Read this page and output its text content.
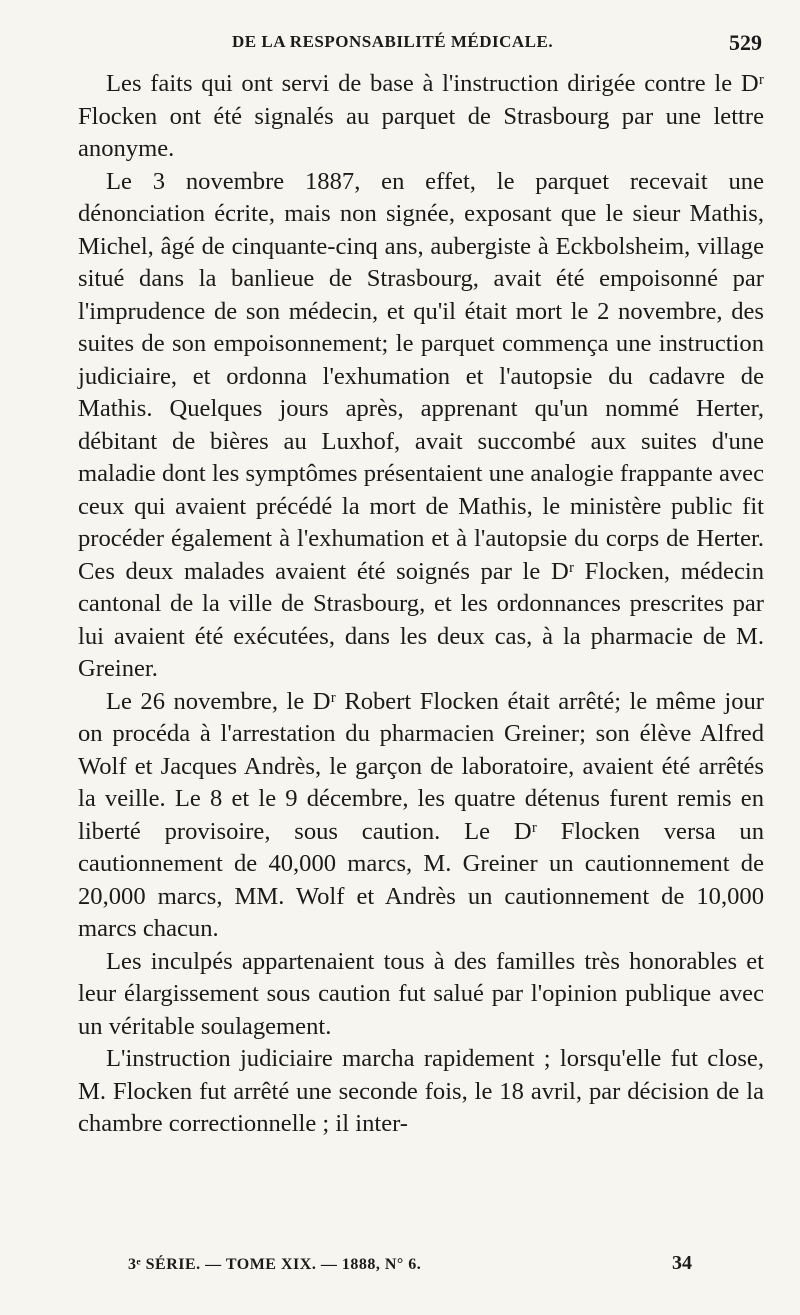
DE LA RESPONSABILITÉ MÉDICALE.	529

Les faits qui ont servi de base à l'instruction dirigée contre le Dʳ Flocken ont été signalés au parquet de Strasbourg par une lettre anonyme.

Le 3 novembre 1887, en effet, le parquet recevait une dénonciation écrite, mais non signée, exposant que le sieur Mathis, Michel, âgé de cinquante-cinq ans, aubergiste à Eckbolsheim, village situé dans la banlieue de Strasbourg, avait été empoisonné par l'imprudence de son médecin, et qu'il était mort le 2 novembre, des suites de son empoisonnement; le parquet commença une instruction judiciaire, et ordonna l'exhumation et l'autopsie du cadavre de Mathis. Quelques jours après, apprenant qu'un nommé Herter, débitant de bières au Luxhof, avait succombé aux suites d'une maladie dont les symptômes présentaient une analogie frappante avec ceux qui avaient précédé la mort de Mathis, le ministère public fit procéder également à l'exhumation et à l'autopsie du corps de Herter. Ces deux malades avaient été soignés par le Dʳ Flocken, médecin cantonal de la ville de Strasbourg, et les ordonnances prescrites par lui avaient été exécutées, dans les deux cas, à la pharmacie de M. Greiner.

Le 26 novembre, le Dʳ Robert Flocken était arrêté; le même jour on procéda à l'arrestation du pharmacien Greiner; son élève Alfred Wolf et Jacques Andrès, le garçon de laboratoire, avaient été arrêtés la veille. Le 8 et le 9 décembre, les quatre détenus furent remis en liberté provisoire, sous caution. Le Dʳ Flocken versa un cautionnement de 40,000 marcs, M. Greiner un cautionnement de 20,000 marcs, MM. Wolf et Andrès un cautionnement de 10,000 marcs chacun.

Les inculpés appartenaient tous à des familles très honorables et leur élargissement sous caution fut salué par l'opinion publique avec un véritable soulagement.

L'instruction judiciaire marcha rapidement ; lorsqu'elle fut close, M. Flocken fut arrêté une seconde fois, le 18 avril, par décision de la chambre correctionnelle ; il inter-

3ᵉ SÉRIE. — TOME XIX. — 1888, N° 6.	34
